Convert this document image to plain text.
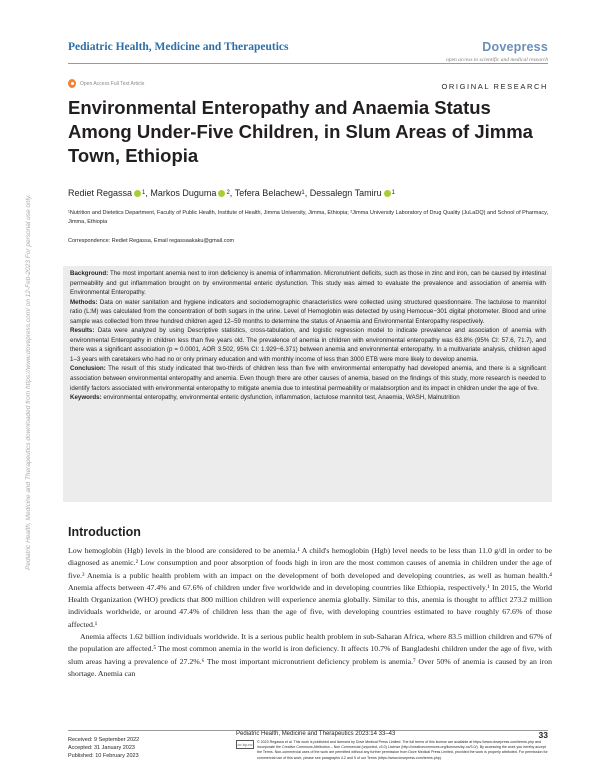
Pediatric Health, Medicine and Therapeutics	Dovepress
open access to scientific and medical research
Open Access Full Text Article	ORIGINAL RESEARCH
Environmental Enteropathy and Anaemia Status Among Under-Five Children, in Slum Areas of Jimma Town, Ethiopia
Rediet Regassa 1 , Markos Duguma 2 , Tefera Belachew 1 , Dessalegn Tamiru 1
¹Nutrition and Dietetics Department, Faculty of Public Health, Institute of Health, Jimma University, Jimma, Ethiopia; ²Jimma University Laboratory of Drug Quality (JuLaDQ) and School of Pharmacy, Jimma, Ethiopia
Correspondence: Rediet Regassa, Email regassaakaku@gmail.com
Pediatric Health, Medicine and Therapeutics downloaded from https://www.dovepress.com/ on 12-Feb-2023 For personal use only.	Background: The most important anemia next to iron deficiency is anemia of inflammation. Micronutrient deficits, such as those in zinc and iron, can be caused by intestinal permeability and gut inflammation brought on by environmental enteric dysfunction. This study was aimed to evaluate the prevalence and association of anemia with Environmental Enteropathy.

Methods: Data on water sanitation and hygiene indicators and sociodemographic characteristics were collected using structured questionnaire. The lactulose to mannitol ratio (L:M) was calculated from the concentration of both sugars in the urine. Level of Hemoglobin was detected by using Hemocue−301 digital photometer. Blood and urine sample was collected from three hundred children aged 12–59 months to determine the status of Anaemia and Environmental Enteropathy respectively.

Results: Data were analyzed by using Descriptive statistics, cross-tabulation, and logistic regression model to indicate prevalence and association of anemia with environmental Enteropathy in children less than five years old. The prevalence of anemia in children with environmental enteropathy was 63.8% (95% CI: 57.6, 71.7), and there was a significant association (p = 0.0001, AOR 3.502, 95% CI: 1.929−6.371) between anemia and environmental enteropathy. In a multivariate analysis, children aged 1–3 years with caretakers who had no or only primary education and with monthly income of less than 3000 ETB were more likely to develop anemia.

Conclusion: The result of this study indicated that two-thirds of children less than five with environmental enteropathy had developed anemia, and there is a significant association between environmental enteropathy and anemia. Even though there are other causes of anemia, based on the findings of this study, more research is needed to identify factors associated with environmental enteropathy to mitigate anemia due to intestinal permeability or malabsorption and its impact in children under the age of five.

Keywords: environmental enteropathy, environmental enteric dysfunction, inflammation, lactulose mannitol test, Anaemia, WASH, Malnutrition

Introduction

Low hemoglobin (Hgb) levels in the blood are considered to be anemia.¹ A child's hemoglobin (Hgb) level needs to be less than 11.0 g/dl in order to be diagnosed as anemic.² Low consumption and poor absorption of foods high in iron are the most common causes of anemia in children under the age of five.³ Anemia is a public health problem with an impact on the development of both developed and developing countries, as well as human health.⁴ Anemia affects between 47.4% and 67.6% of children under five worldwide and in developing countries like Ethiopia, respectively.¹ In 2015, the World Health Organization (WHO) predicts that 800 million children will experience anemia globally. Similar to this, anemia is thought to afflict 273.2 million individuals worldwide, or around 47.4% of children less than the age of five, with developing countries estimated to have roughly 67.6% of those affected.¹

Anemia affects 1.62 billion individuals worldwide. It is a serious public health problem in sub-Saharan Africa, where 83.5 million children and 67% of the population are affected.⁵ The most common anemia in the world is iron deficiency. It affects 10.7% of Bangladeshi children under the age of five, with slum areas having a prevalence of 27.2%.⁶ The most important micronutrient deficiency problem is anemia.⁷ Over 50% of anemia is caused by an iron shortage. Anemia can

Received: 9 September 2022
Accepted: 31 January 2023
Published: 10 February 2023
Pediatric Health, Medicine and Therapeutics 2023:14 33–43	33
cc by-nc	© 2023 Regassa et al. This work is published and licensed by Dove Medical Press Limited. The full terms of this license are available at https://www.dovepress.com/terms.php and incorporate the Creative Commons Attribution – Non Commercial (unported, v3.0) License (http://creativecommons.org/licenses/by-nc/3.0/). By accessing the work you hereby accept the Terms. Non-commercial uses of the work are permitted without any further permission from Dove Medical Press Limited, provided the work is properly attributed. For permission for commercial use of this work, please see paragraphs 4.2 and 5 of our Terms (https://www.dovepress.com/terms.php).
